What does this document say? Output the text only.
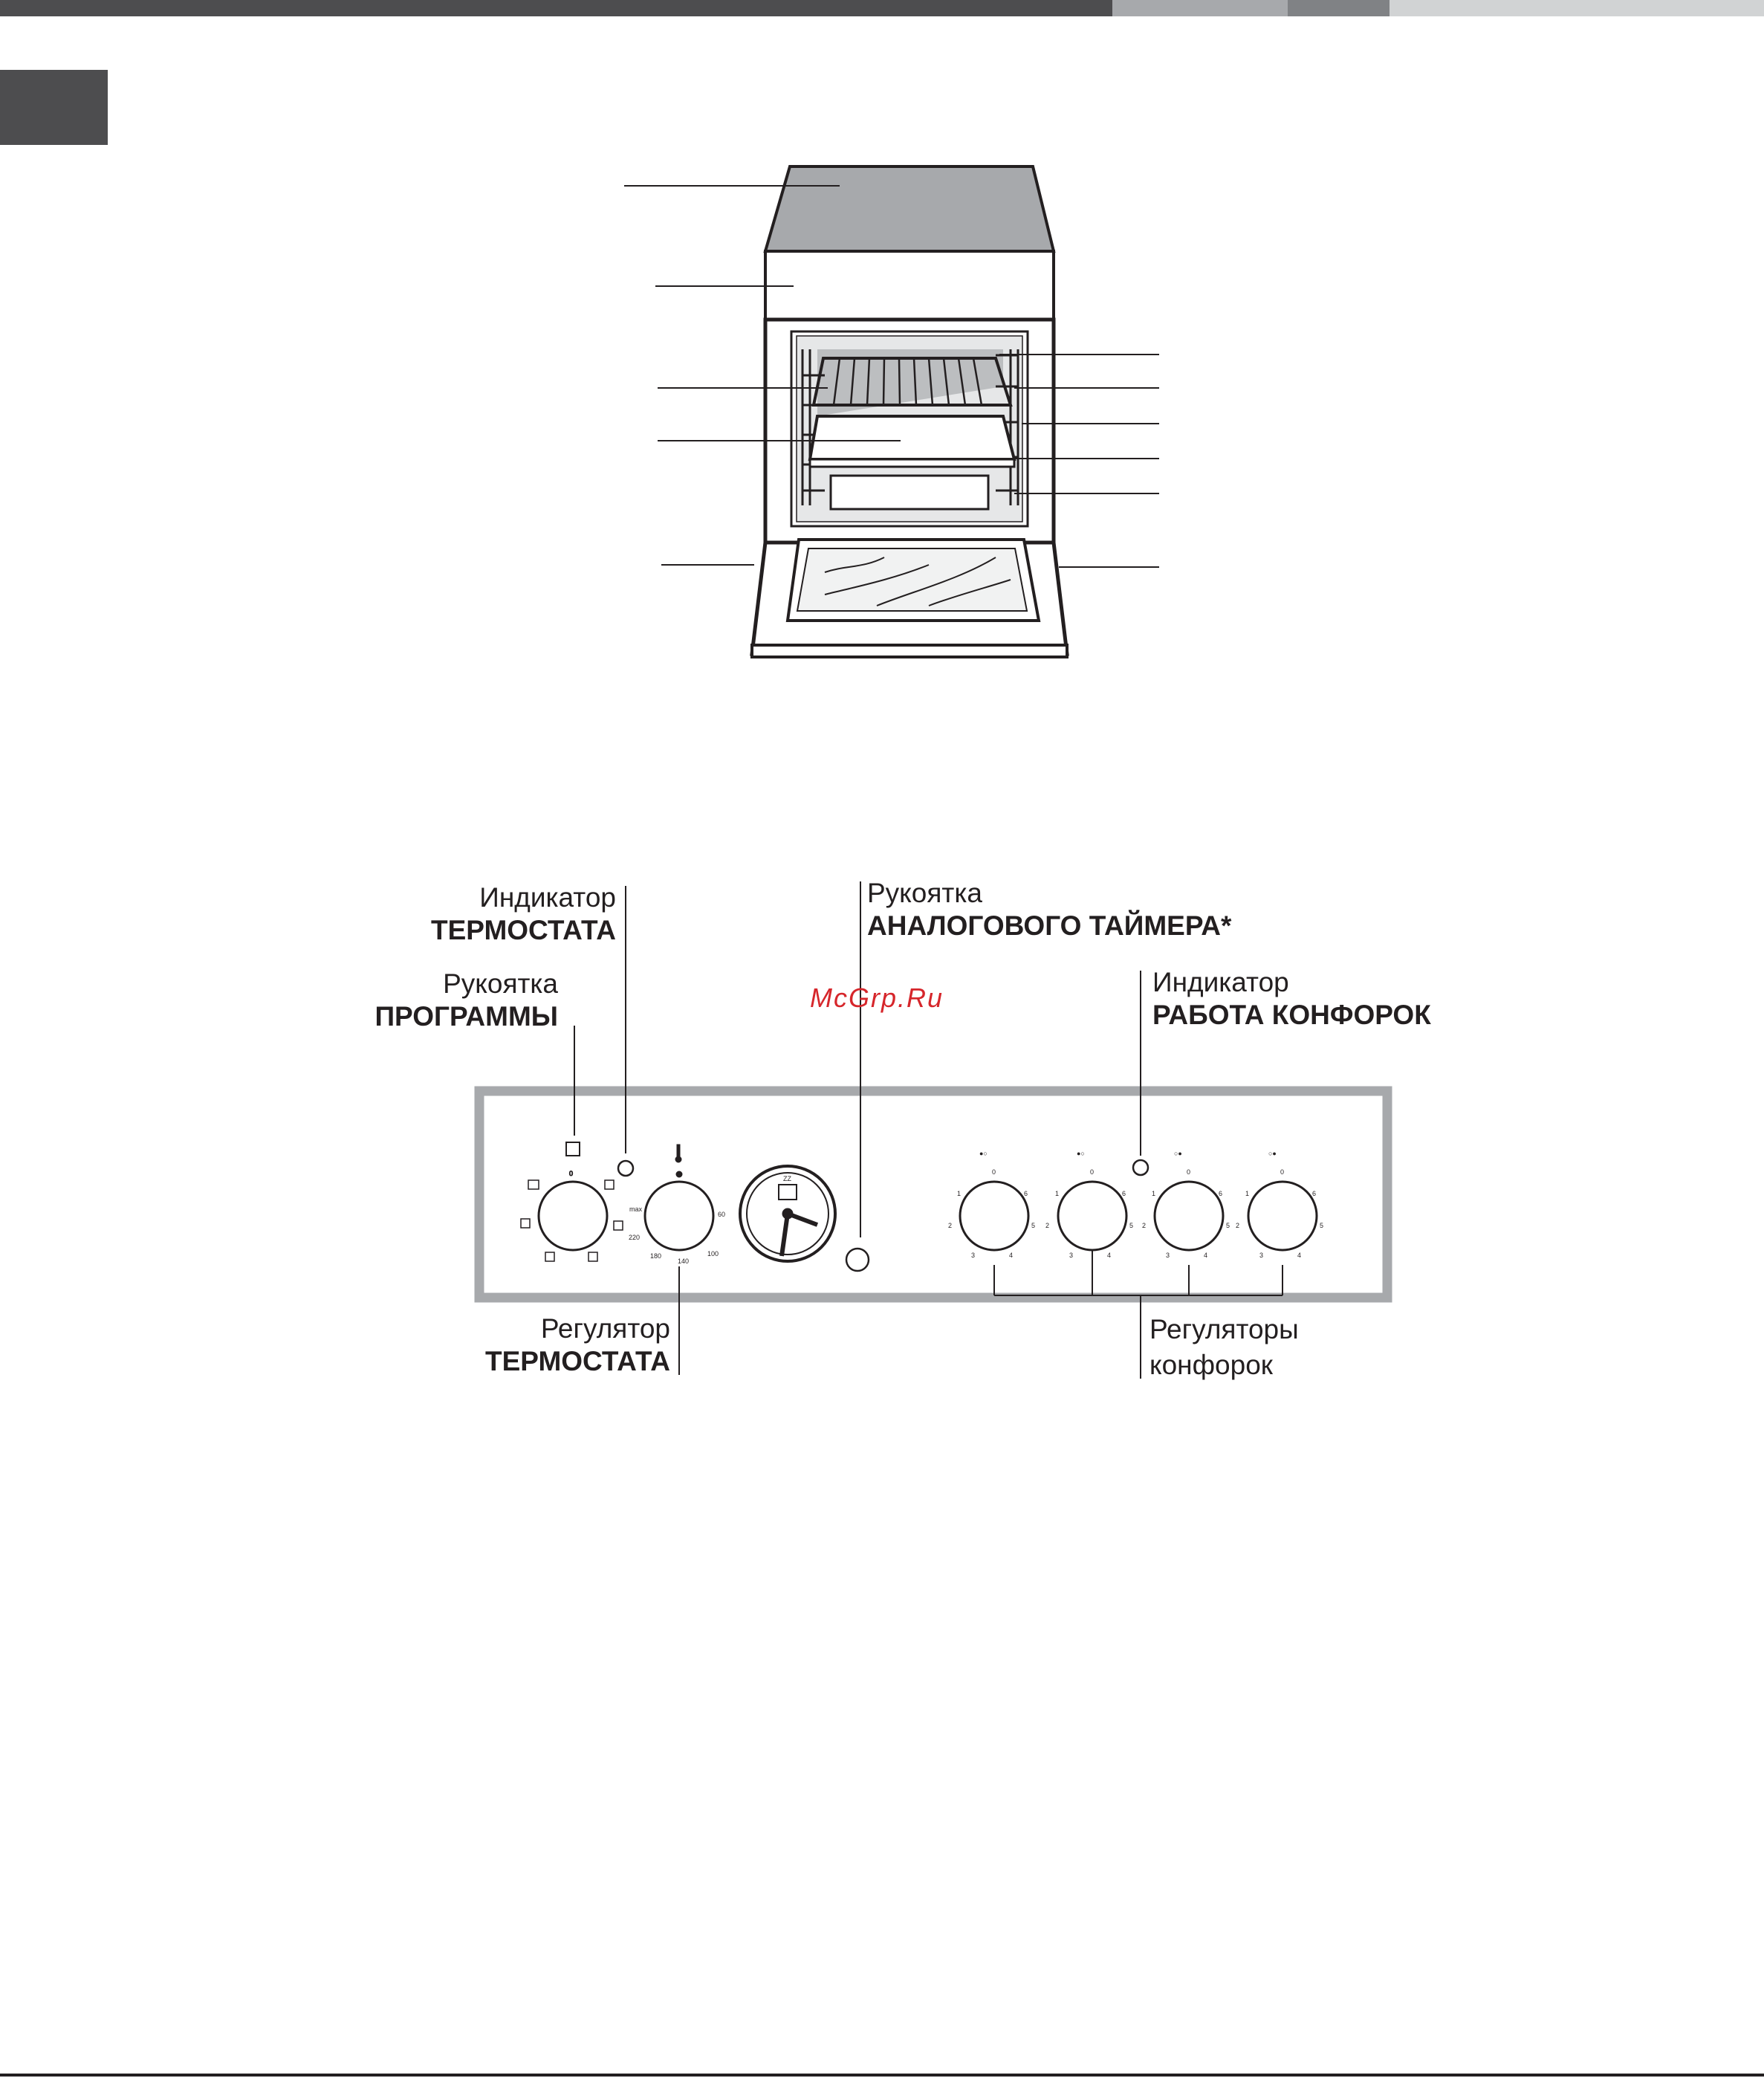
0
max
60
100
140
180
220
ZZ
●○
0
1
2
3	4
5
6
●○
0
1
2
3	4
5
6
○●
0
1
2
3	4
5
6
○●
0
1
2
3	4
5
6
Индикатор
ТЕРМОСТАТА
Рукоятка
ПРОГРАММЫ
Рукоятка
АНАЛОГОВОГО ТАЙМЕРА*
Индикатор
РАБОТА КОНФОРОК
Регулятор
ТЕРМОСТАТА
Регуляторы
конфорок
McGrp.Ru
